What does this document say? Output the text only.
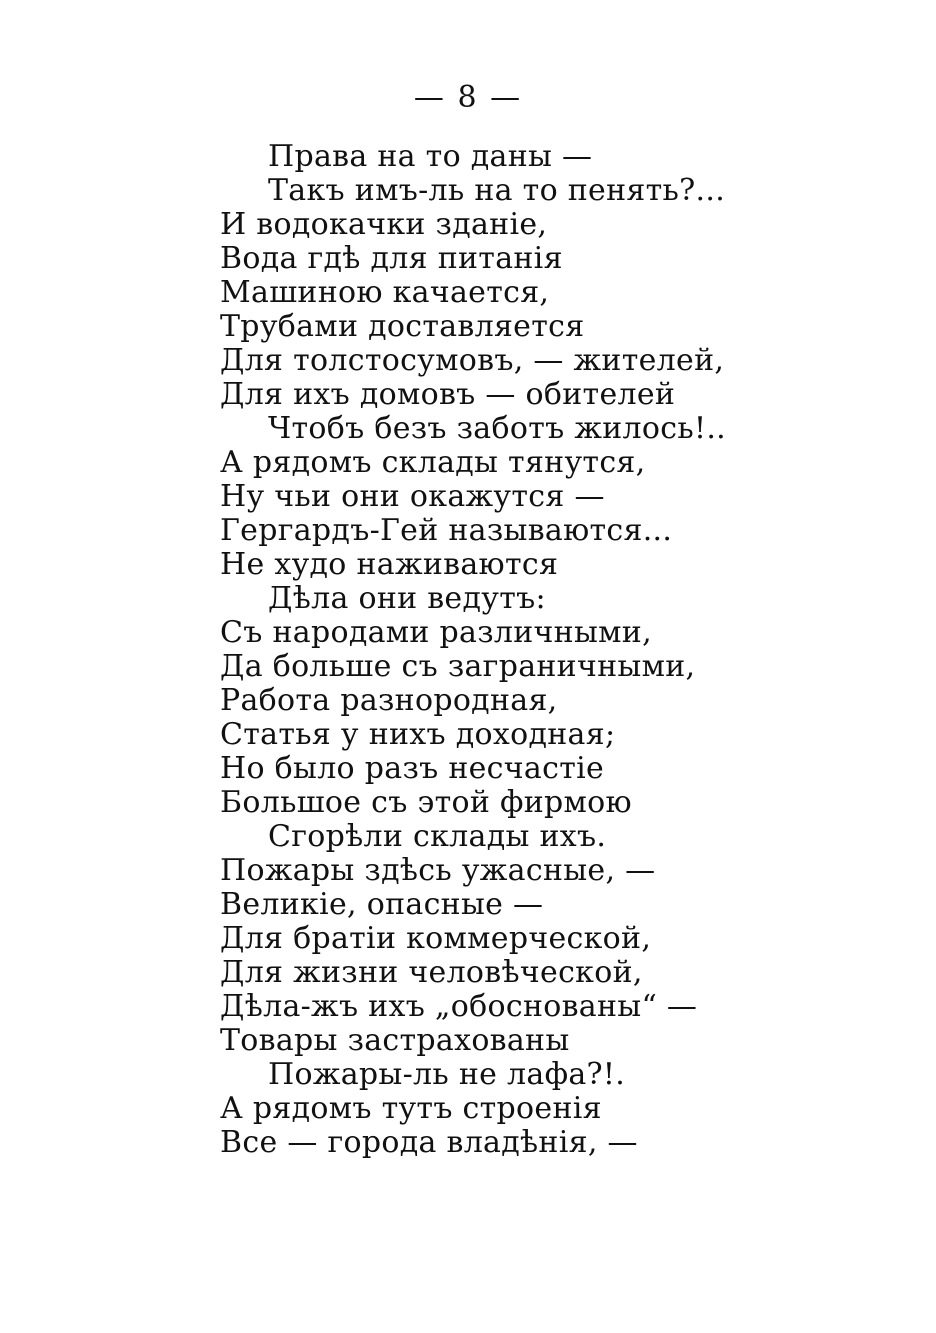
— 8 —
Права на то даны —
Такъ имъ-ль на то пенять?...
И водокачки зданіе,
Вода гдѣ для питанія
Машиною качается,
Трубами доставляется
Для толстосумовъ, — жителей,
Для ихъ домовъ — обителей
Чтобъ безъ заботъ жилось!..
А рядомъ склады тянутся,
Ну чьи они окажутся —
Гергардъ-Гей называются...
Не худо наживаются
Дѣла они ведутъ:
Съ народами различными,
Да больше съ заграничными,
Работа разнородная,
Статья у нихъ доходная;
Но было разъ несчастіе
Большое съ этой фирмою
Сгорѣли склады ихъ.
Пожары здѣсь ужасные, —
Великіе, опасные —
Для братіи коммерческой,
Для жизни человѣческой,
Дѣла-жъ ихъ „обоснованы“ —
Товары застрахованы
Пожары-ль не лафа?!.
А рядомъ тутъ строенія
Все — города владѣнія, —
